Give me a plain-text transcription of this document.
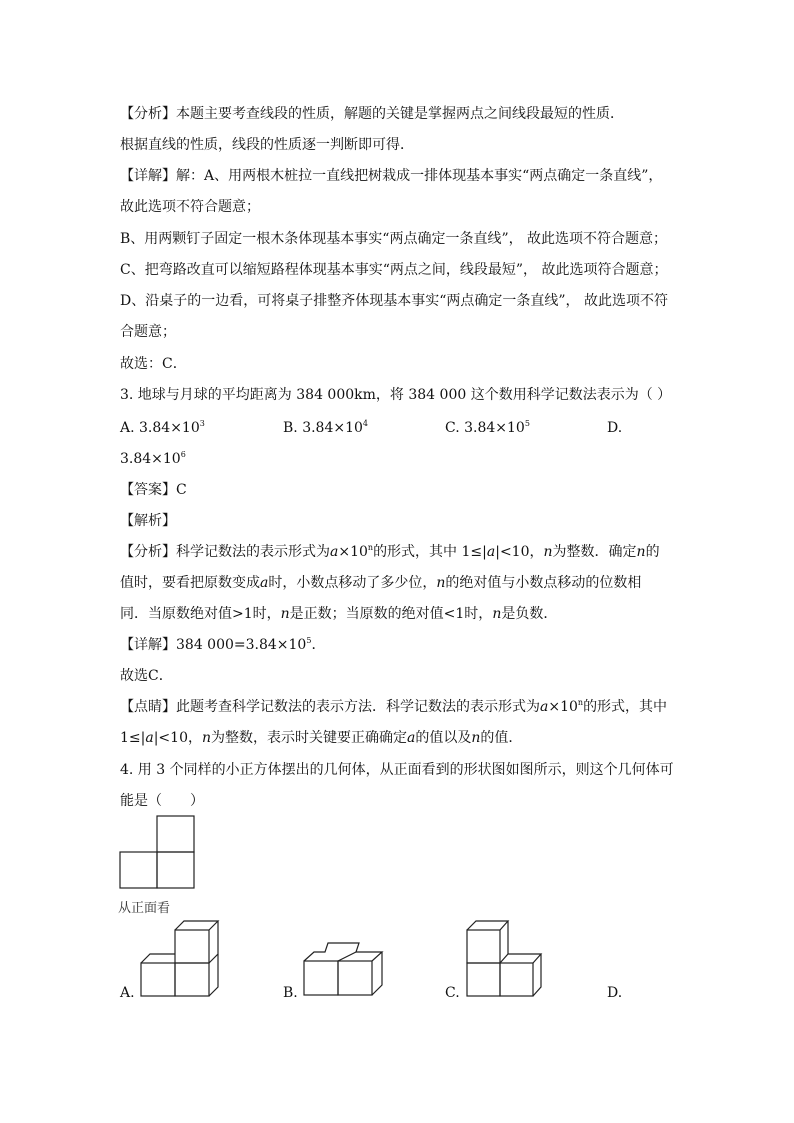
【分析】本题主要考查线段的性质，解题的关键是掌握两点之间线段最短的性质．
根据直线的性质，线段的性质逐一判断即可得．
【详解】解：A、用两根木桩拉一直线把树栽成一排体现基本事实“两点确定一条直线”，
故此选项不符合题意；
B、用两颗钉子固定一根木条体现基本事实“两点确定一条直线”， 故此选项不符合题意；
C、把弯路改直可以缩短路程体现基本事实“两点之间，线段最短”， 故此选项符合题意；
D、沿桌子的一边看，可将桌子排整齐体现基本事实“两点确定一条直线”， 故此选项不符
合题意；
故选：C．
3. 地球与月球的平均距离为 384 000km，将 384 000 这个数用科学记数法表示为（ ）
A. $3.84\times 10^3$	B. $3.84\times 10^4$	C. $3.84\times 10^5$	D.
$3.84\times 10^6$
【答案】C
【解析】
【分析】科学记数法的表示形式为$a\times 10^n$的形式，其中 1≤|a|<10，n为整数．确定n的
值时，要看把原数变成a时，小数点移动了多少位，n的绝对值与小数点移动的位数相
同．当原数绝对值>1时，n是正数；当原数的绝对值<1时，n是负数．
【详解】384 $000=3.84\times 10^5$．
故选C．
【点睛】此题考查科学记数法的表示方法．科学记数法的表示形式为$a\times 10^n$的形式，其中
1≤|a|<10，n为整数，表示时关键要正确确定a的值以及n的值．
4. 用 3 个同样的小正方体摆出的几何体，从正面看到的形状图如图所示，则这个几何体可
能是（　　）
从正面看
A.	B.	C.	D.
